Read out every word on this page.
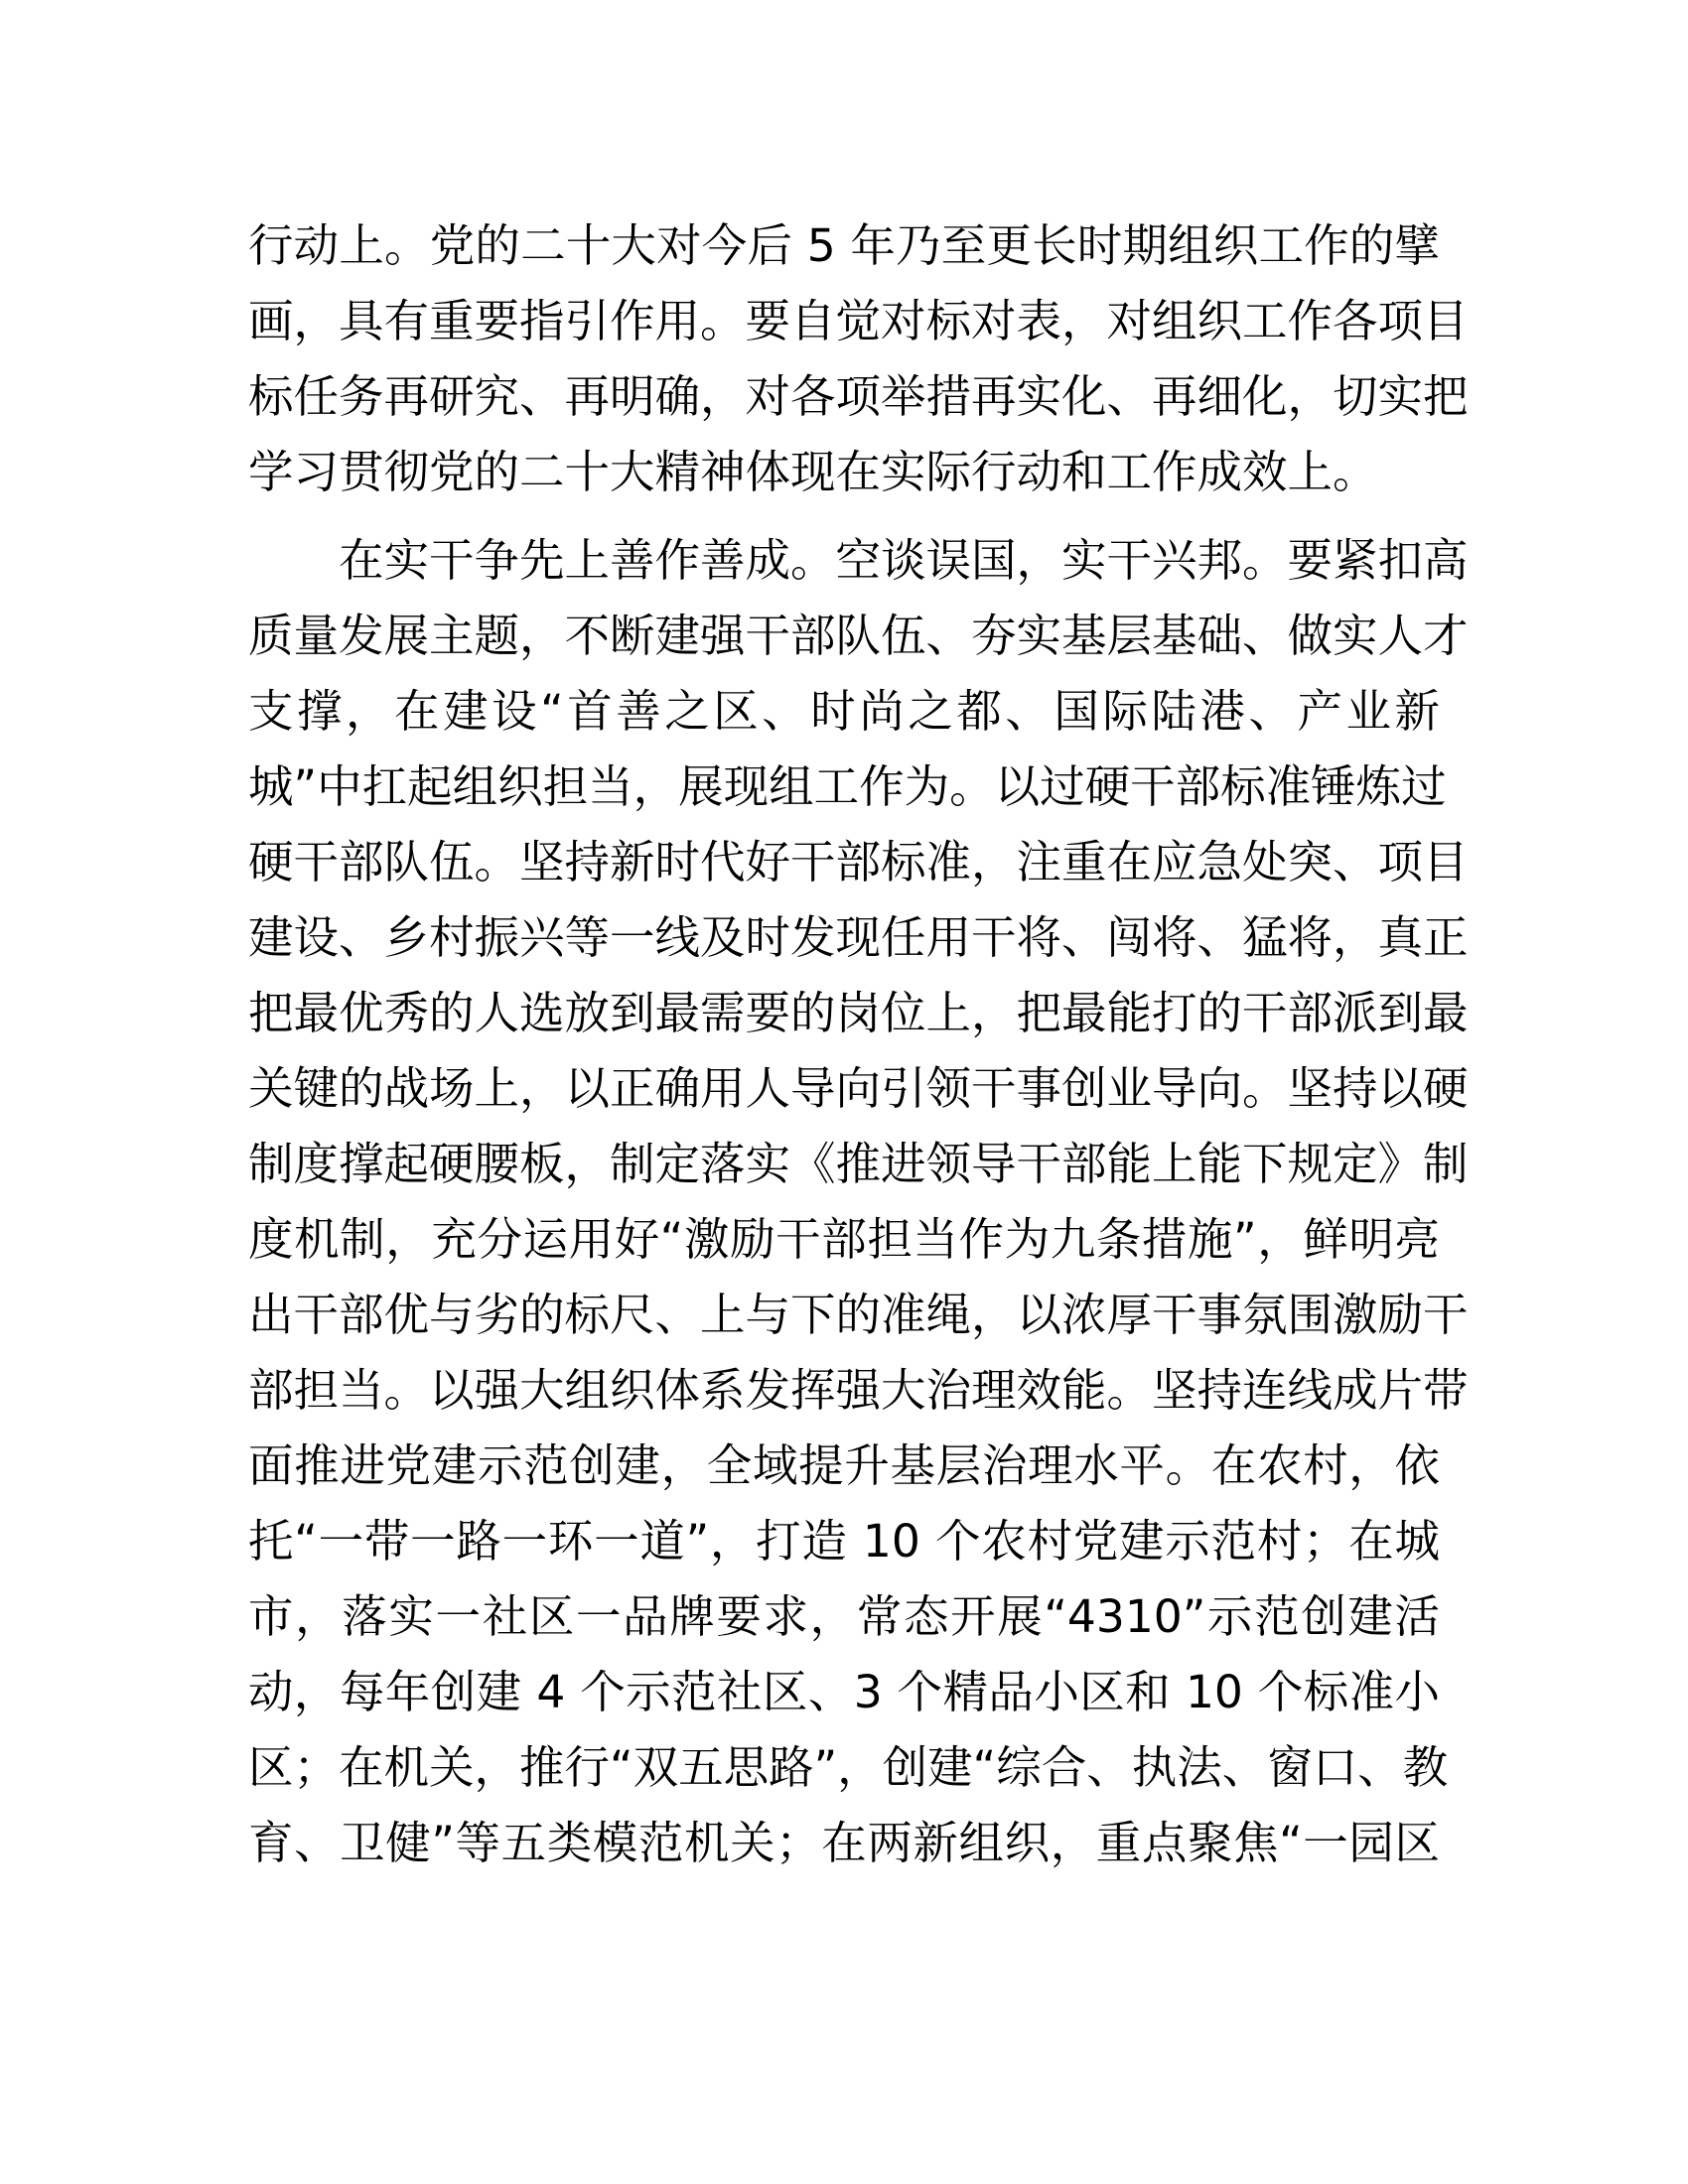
行动上。党的二十大对今后 5 年乃至更长时期组织工作的擘
画，具有重要指引作用。要自觉对标对表，对组织工作各项目
标任务再研究、再明确，对各项举措再实化、再细化，切实把
学习贯彻党的二十大精神体现在实际行动和工作成效上。
在实干争先上善作善成。空谈误国，实干兴邦。要紧扣高
质量发展主题，不断建强干部队伍、夯实基层基础、做实人才
支撑，在建设“首善之区、时尚之都、国际陆港、产业新
城”中扛起组织担当，展现组工作为。以过硬干部标准锤炼过
硬干部队伍。坚持新时代好干部标准，注重在应急处突、项目
建设、乡村振兴等一线及时发现任用干将、闯将、猛将，真正
把最优秀的人选放到最需要的岗位上，把最能打的干部派到最
关键的战场上，以正确用人导向引领干事创业导向。坚持以硬
制度撑起硬腰板，制定落实《推进领导干部能上能下规定》制
度机制，充分运用好“激励干部担当作为九条措施”，鲜明亮
出干部优与劣的标尺、上与下的准绳，以浓厚干事氛围激励干
部担当。以强大组织体系发挥强大治理效能。坚持连线成片带
面推进党建示范创建，全域提升基层治理水平。在农村，依
托“一带一路一环一道”，打造 10 个农村党建示范村；在城
市，落实一社区一品牌要求，常态开展“4310”示范创建活
动，每年创建 4 个示范社区、3 个精品小区和 10 个标准小
区；在机关，推行“双五思路”，创建“综合、执法、窗口、教
育、卫健”等五类模范机关；在两新组织，重点聚焦“一园区
